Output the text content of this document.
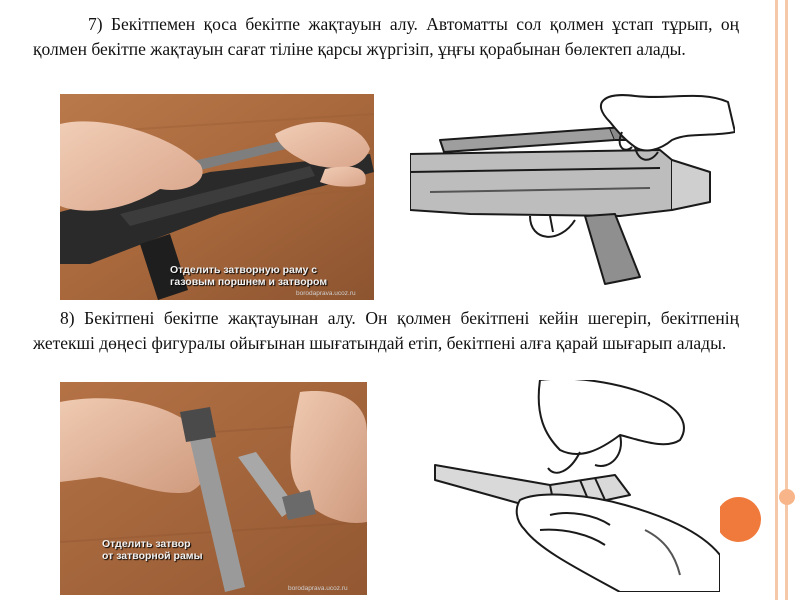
7) Бекітпемен қоса бекітпе жақтауын алу. Автоматты сол қолмен ұстап тұрып, оң қолмен бекітпе жақтауын сағат тіліне қарсы жүргізіп, ұңғы қорабынан бөлектеп алады.

Отделить затворную раму с
газовым поршнем и затвором
borodaprava.ucoz.ru

8) Бекітпені бекітпе жақтауынан алу. Он қолмен бекітпені кейін шегеріп, бекітпенің жетекші дөңесі фигуралы ойығынан шығатындай етіп, бекітпені алға қарай шығарып алады.

Отделить затвор
от затворной рамы
borodaprava.ucoz.ru
